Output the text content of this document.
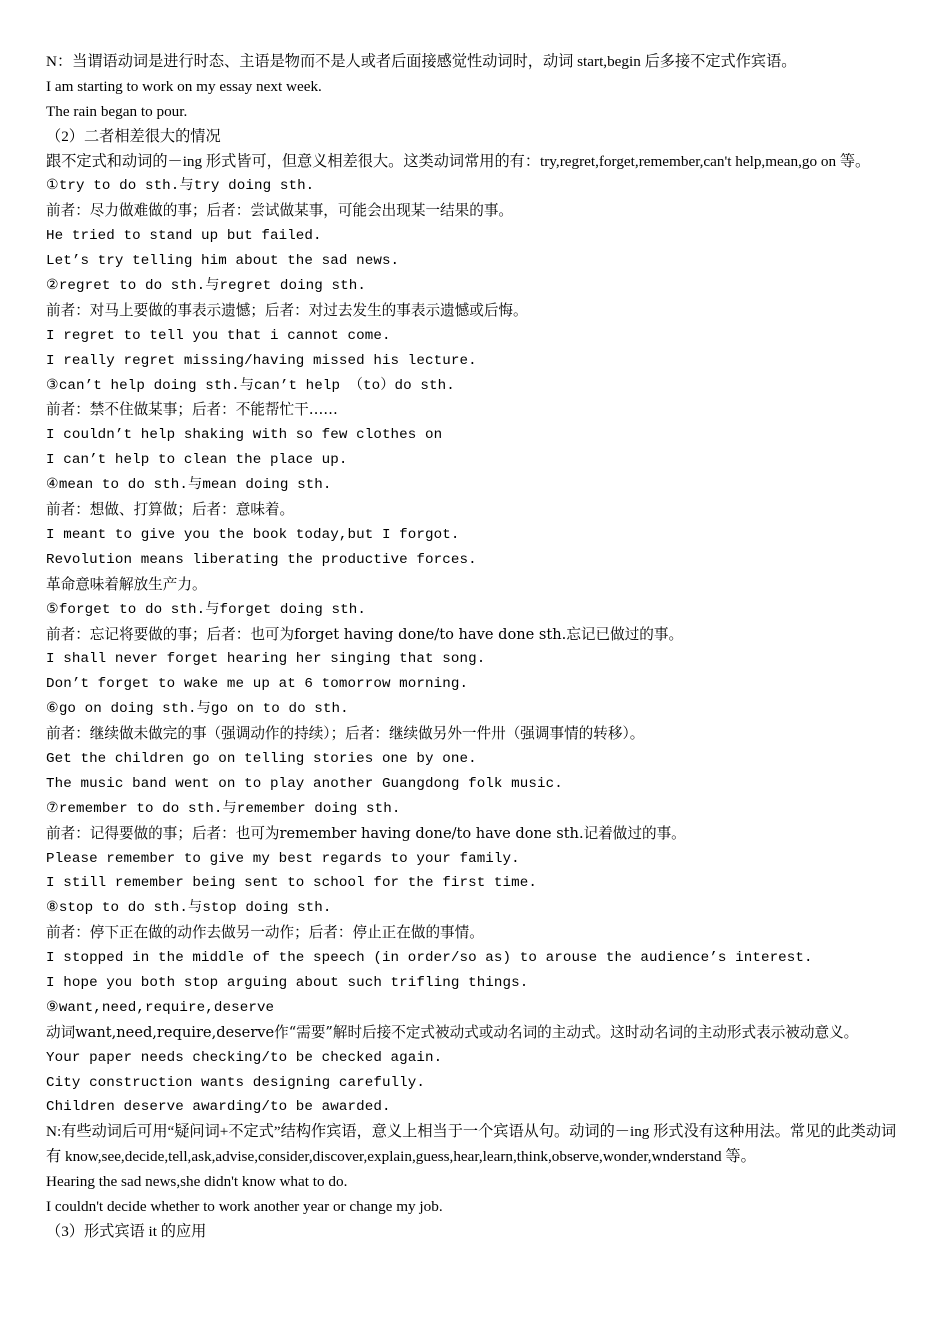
N：当谓语动词是进行时态、主语是物而不是人或者后面接感觉性动词时，动词 start,begin 后多接不定式作宾语。
I am starting to work on my essay next week.
The rain began to pour.
（2）二者相差很大的情况
跟不定式和动词的－ing 形式皆可，但意义相差很大。这类动词常用的有：try,regret,forget,remember,can't help,mean,go on 等。
①try to do sth.与try doing sth.
前者：尽力做难做的事；后者：尝试做某事，可能会出现某一结果的事。
He tried to stand up but failed.
Let’s try telling him about the sad news.
②regret to do sth.与regret doing sth.
前者：对马上要做的事表示遗憾；后者：对过去发生的事表示遗憾或后悔。
I regret to tell you that i cannot come.
I really regret missing/having missed his lecture.
③can’t help doing sth.与can’t help （to）do sth.
前者：禁不住做某事；后者：不能帮忙干……
I couldn’t help shaking with so few clothes on
I can’t help to clean the place up.
④mean to do sth.与mean doing sth.
前者：想做、打算做；后者：意味着。
I meant to give you the book today,but I forgot.
Revolution means liberating the productive forces.
革命意味着解放生产力。
⑤forget to do sth.与forget doing sth.
前者：忘记将要做的事；后者：也可为forget having done/to have done sth.忘记已做过的事。
I shall never forget hearing her singing that song.
Don’t forget to wake me up at 6 tomorrow morning.
⑥go on doing sth.与go on to do sth.
前者：继续做未做完的事（强调动作的持续）；后者：继续做另外一件卅（强调事情的转移）。
Get the children go on telling stories one by one.
The music band went on to play another Guangdong folk music.
⑦remember to do sth.与remember doing sth.
前者：记得要做的事；后者：也可为remember having done/to have done sth.记着做过的事。
Please remember to give my best regards to your family.
I still remember being sent to school for the first time.
⑧stop to do sth.与stop doing sth.
前者：停下正在做的动作去做另一动作；后者：停止正在做的事情。
I stopped in the middle of the speech (in order/so as) to arouse the audience’s interest.
I hope you both stop arguing about such trifling things.
⑨want,need,require,deserve
动词want,need,require,deserve作“需要”解时后接不定式被动式或动名词的主动式。这时动名词的主动形式表示被动意义。
Your paper needs checking/to be checked again.
City construction wants designing carefully.
Children deserve awarding/to be awarded.
N:有些动词后可用“疑问词+不定式”结构作宾语，意义上相当于一个宾语从句。动词的－ing 形式没有这种用法。常见的此类动词有 know,see,decide,tell,ask,advise,consider,discover,explain,guess,hear,learn,think,observe,wonder,wnderstand 等。
Hearing the sad news,she didn't know what to do.
I couldn't decide whether to work another year or change my job.
（3）形式宾语 it 的应用
